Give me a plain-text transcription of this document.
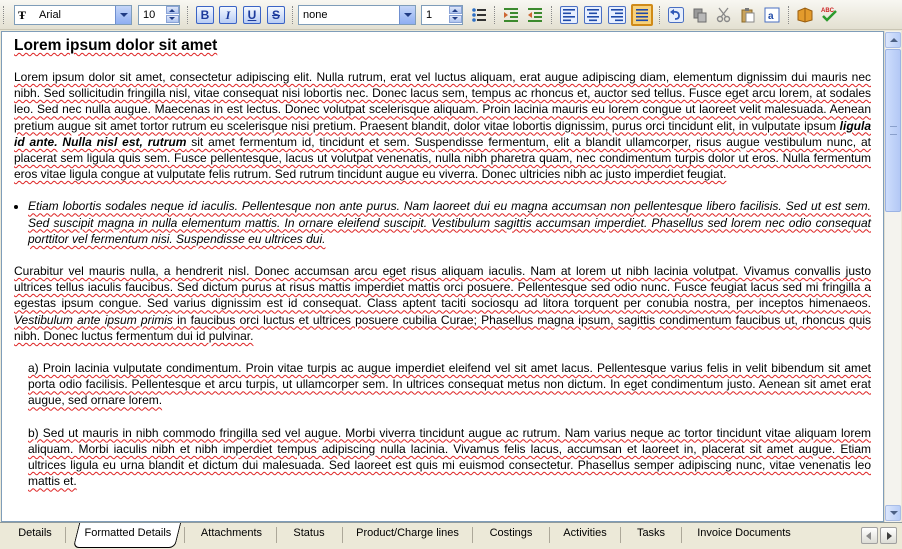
Ŧ Arial	10	B	I	U	S	none	1	a	ABC
Lorem ipsum dolor sit amet

Lorem ipsum dolor sit amet, consectetur adipiscing elit. Nulla rutrum, erat vel luctus aliquam, erat augue adipiscing diam, elementum dignissim dui mauris nec nibh. Sed sollicitudin fringilla nisl, vitae consequat nisi lobortis nec. Donec lacus sem, tempus ac rhoncus et, auctor sed tellus. Fusce eget arcu lorem, at sodales leo. Sed nec nulla augue. Maecenas in est lectus. Donec volutpat scelerisque aliquam. Proin lacinia mauris eu lorem congue ut laoreet velit malesuada. Aenean pretium augue sit amet tortor rutrum eu scelerisque nisi pretium. Praesent blandit, dolor vitae lobortis dignissim, purus orci tincidunt elit, in vulputate ipsum ligula id ante. Nulla nisl est, rutrum sit amet fermentum id, tincidunt et sem. Suspendisse fermentum, elit a blandit ullamcorper, risus augue vestibulum nunc, at placerat sem ligula quis sem. Fusce pellentesque, lacus ut volutpat venenatis, nulla nibh pharetra quam, nec condimentum turpis dolor ut eros. Nulla fermentum eros vitae ligula congue at vulputate felis rutrum. Sed rutrum tincidunt augue eu viverra. Donec ultricies nibh ac justo imperdiet feugiat.

• Etiam lobortis sodales neque id iaculis. Pellentesque non ante purus. Nam laoreet dui eu magna accumsan non pellentesque libero facilisis. Sed ut est sem. Sed suscipit magna in nulla elementum mattis. In ornare eleifend suscipit. Vestibulum sagittis accumsan imperdiet. Phasellus sed lorem nec odio consequat porttitor vel fermentum nisi. Suspendisse eu ultrices dui.

Curabitur vel mauris nulla, a hendrerit nisl. Donec accumsan arcu eget risus aliquam iaculis. Nam at lorem ut nibh lacinia volutpat. Vivamus convallis justo ultrices tellus iaculis faucibus. Sed dictum purus at risus mattis imperdiet mattis orci posuere. Pellentesque sed odio nunc. Fusce feugiat lacus sed mi fringilla a egestas ipsum congue. Sed varius dignissim est id consequat. Class aptent taciti sociosqu ad litora torquent per conubia nostra, per inceptos himenaeos. Vestibulum ante ipsum primis in faucibus orci luctus et ultrices posuere cubilia Curae; Phasellus magna ipsum, sagittis condimentum faucibus ut, rhoncus quis nibh. Donec luctus fermentum dui id pulvinar.

a) Proin lacinia vulputate condimentum. Proin vitae turpis ac augue imperdiet eleifend vel sit amet lacus. Pellentesque varius felis in velit bibendum sit amet porta odio facilisis. Pellentesque et arcu turpis, ut ullamcorper sem. In ultrices consequat metus non dictum. In eget condimentum justo. Aenean sit amet erat augue, sed ornare lorem.

b) Sed ut mauris in nibh commodo fringilla sed vel augue. Morbi viverra tincidunt augue ac rutrum. Nam varius neque ac tortor tincidunt vitae aliquam lorem aliquam. Morbi iaculis nibh et nibh imperdiet tempus adipiscing nulla lacinia. Vivamus felis lacus, accumsan et laoreet in, placerat sit amet augue. Etiam ultrices ligula eu urna blandit et dictum dui malesuada. Sed laoreet est quis mi euismod consectetur. Phasellus semper adipiscing nunc, vitae venenatis leo mattis et.

Details	Formatted Details	Attachments	Status	Product/Charge lines	Costings	Activities	Tasks	Invoice Documents
